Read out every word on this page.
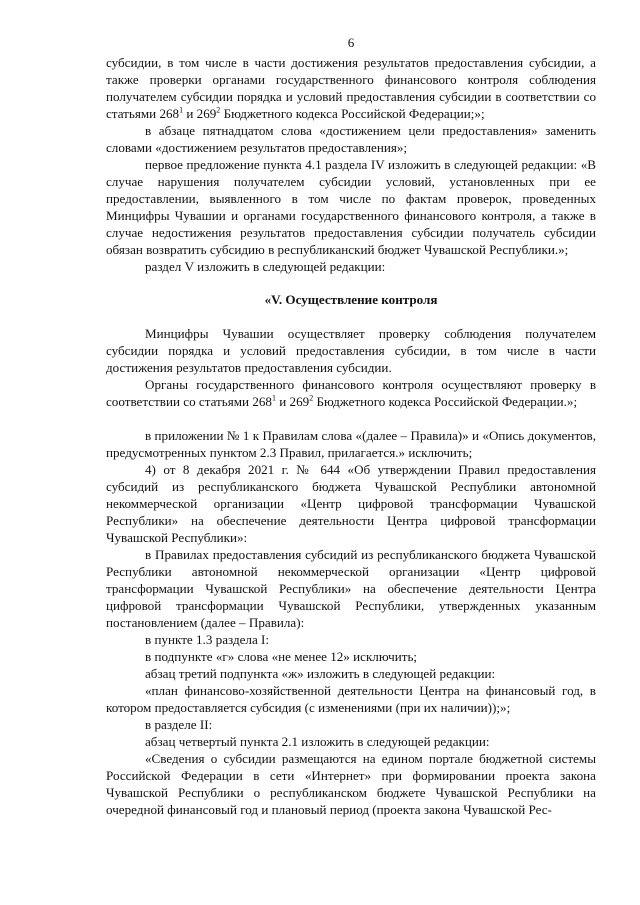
6

субсидии, в том числе в части достижения результатов предоставления субсидии, а также проверки органами государственного финансового контроля соблюдения получателем субсидии порядка и условий предоставления субсидии в соответствии со статьями $268^1$ и $269^2$ Бюджетного кодекса Российской Федерации;»;

в абзаце пятнадцатом слова «достижением цели предоставления» заменить словами «достижением результатов предоставления»;

первое предложение пункта 4.1 раздела IV изложить в следующей редакции: «В случае нарушения получателем субсидии условий, установленных при ее предоставлении, выявленного в том числе по фактам проверок, проведенных Минцифры Чувашии и органами государственного финансового контроля, а также в случае недостижения результатов предоставления субсидии получатель субсидии обязан возвратить субсидию в республиканский бюджет Чувашской Республики.»;

раздел V изложить в следующей редакции:

«V. Осуществление контроля

Минцифры Чувашии осуществляет проверку соблюдения получателем субсидии порядка и условий предоставления субсидии, в том числе в части достижения результатов предоставления субсидии.

Органы государственного финансового контроля осуществляют проверку в соответствии со статьями $268^1$ и $269^2$ Бюджетного кодекса Российской Федерации.»;

в приложении № 1 к Правилам слова «(далее – Правила)» и «Опись документов, предусмотренных пунктом 2.3 Правил, прилагается.» исключить;

4) от 8 декабря 2021 г. № 644 «Об утверждении Правил предоставления субсидий из республиканского бюджета Чувашской Республики автономной некоммерческой организации «Центр цифровой трансформации Чувашской Республики» на обеспечение деятельности Центра цифровой трансформации Чувашской Республики»:

в Правилах предоставления субсидий из республиканского бюджета Чувашской Республики автономной некоммерческой организации «Центр цифровой трансформации Чувашской Республики» на обеспечение деятельности Центра цифровой трансформации Чувашской Республики, утвержденных указанным постановлением (далее – Правила):

в пункте 1.3 раздела I:

в подпункте «г» слова «не менее 12» исключить;

абзац третий подпункта «ж» изложить в следующей редакции:

«план финансово-хозяйственной деятельности Центра на финансовый год, в котором предоставляется субсидия (с изменениями (при их наличии));»;

в разделе II:

абзац четвертый пункта 2.1 изложить в следующей редакции:

«Сведения о субсидии размещаются на едином портале бюджетной системы Российской Федерации в сети «Интернет» при формировании проекта закона Чувашской Республики о республиканском бюджете Чувашской Республики на очередной финансовый год и плановый период (проекта закона Чувашской Рес-
